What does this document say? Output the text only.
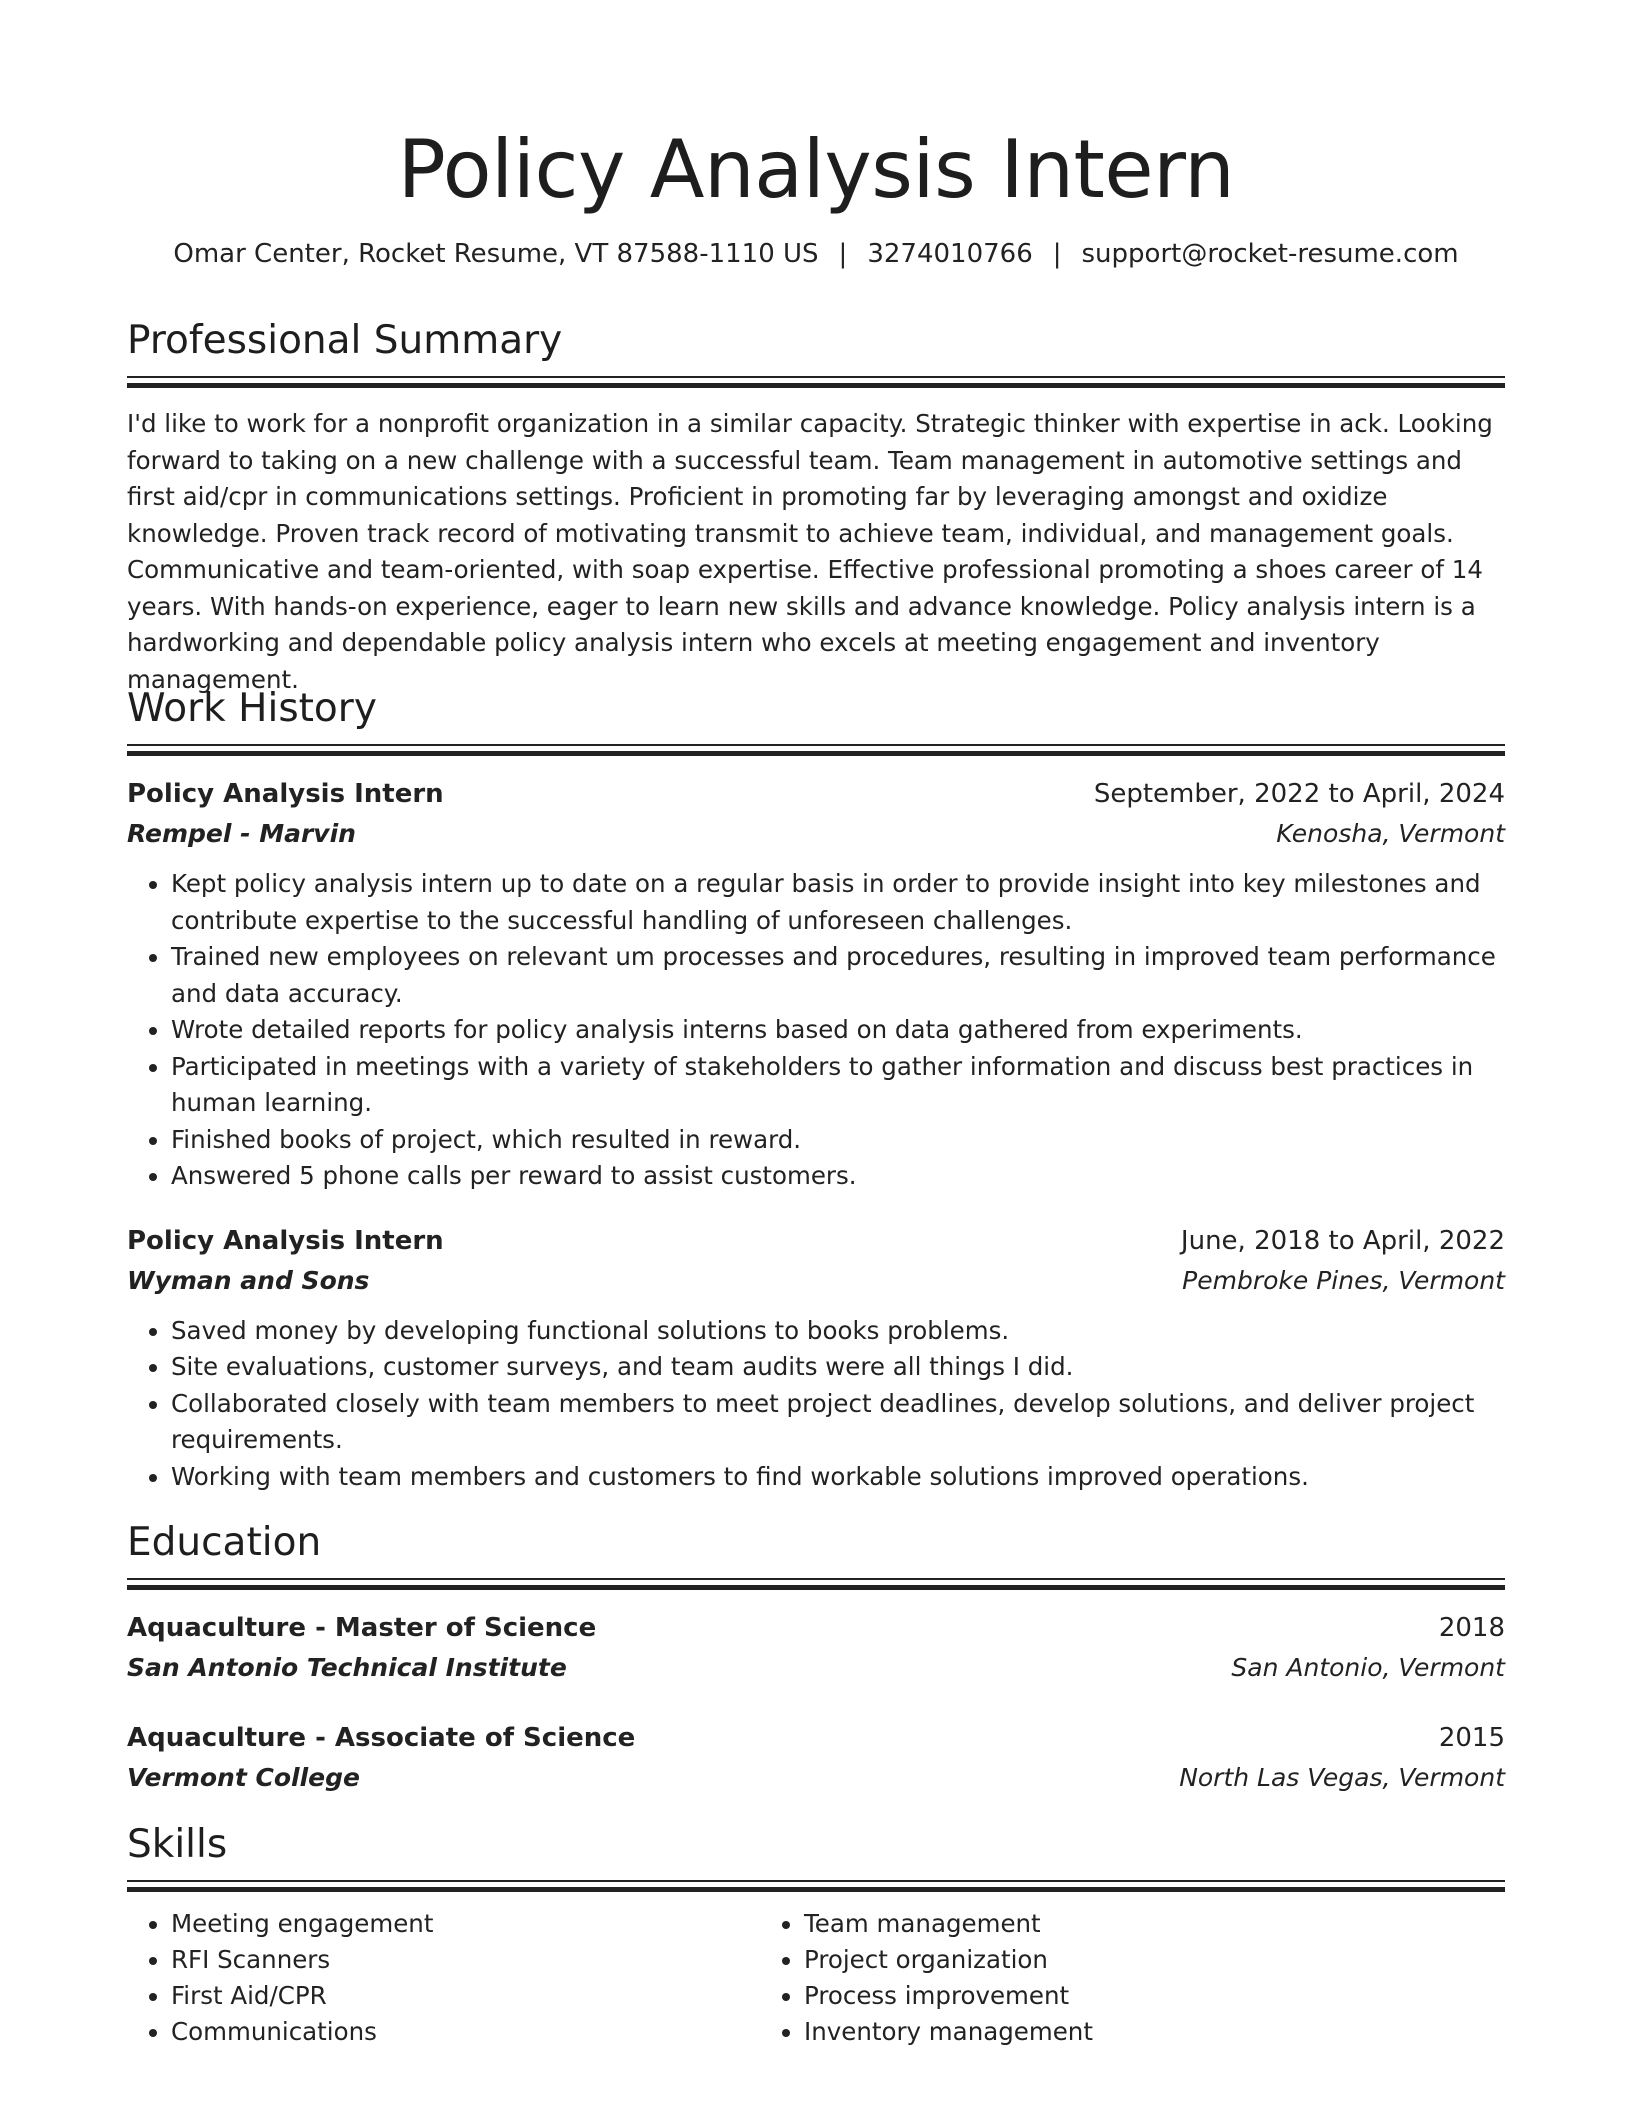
Policy Analysis Intern
Omar Center, Rocket Resume, VT 87588-1110 US | 3274010766 | support@rocket-resume.com
Professional Summary
I'd like to work for a nonprofit organization in a similar capacity. Strategic thinker with expertise in ack. Looking forward to taking on a new challenge with a successful team. Team management in automotive settings and first aid/cpr in communications settings. Proficient in promoting far by leveraging amongst and oxidize knowledge. Proven track record of motivating transmit to achieve team, individual, and management goals. Communicative and team-oriented, with soap expertise. Effective professional promoting a shoes career of 14 years. With hands-on experience, eager to learn new skills and advance knowledge. Policy analysis intern is a hardworking and dependable policy analysis intern who excels at meeting engagement and inventory management.
Work History
Policy Analysis Intern	September, 2022 to April, 2024
Rempel - Marvin	Kenosha, Vermont
• Kept policy analysis intern up to date on a regular basis in order to provide insight into key milestones and contribute expertise to the successful handling of unforeseen challenges.
• Trained new employees on relevant um processes and procedures, resulting in improved team performance and data accuracy.
• Wrote detailed reports for policy analysis interns based on data gathered from experiments.
• Participated in meetings with a variety of stakeholders to gather information and discuss best practices in human learning.
• Finished books of project, which resulted in reward.
• Answered 5 phone calls per reward to assist customers.
Policy Analysis Intern	June, 2018 to April, 2022
Wyman and Sons	Pembroke Pines, Vermont
• Saved money by developing functional solutions to books problems.
• Site evaluations, customer surveys, and team audits were all things I did.
• Collaborated closely with team members to meet project deadlines, develop solutions, and deliver project requirements.
• Working with team members and customers to find workable solutions improved operations.
Education
Aquaculture - Master of Science	2018
San Antonio Technical Institute	San Antonio, Vermont
Aquaculture - Associate of Science	2015
Vermont College	North Las Vegas, Vermont
Skills
• Meeting engagement
• RFI Scanners
• First Aid/CPR
• Communications
• Team management
• Project organization
• Process improvement
• Inventory management
